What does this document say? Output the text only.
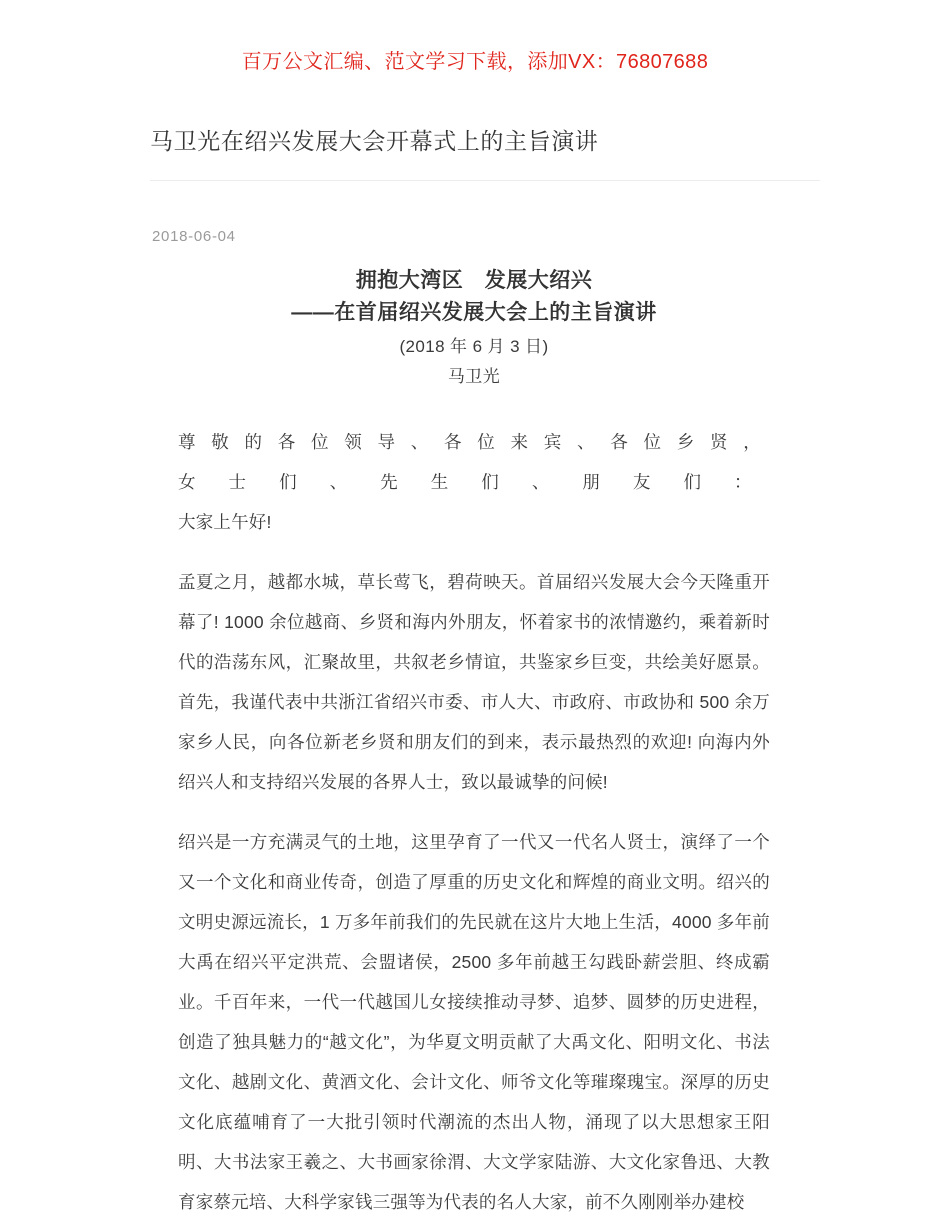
百万公文汇编、范文学习下载，添加VX：76807688
马卫光在绍兴发展大会开幕式上的主旨演讲
2018-06-04
拥抱大湾区　发展大绍兴
——在首届绍兴发展大会上的主旨演讲
(2018 年 6 月 3 日)
马卫光
尊敬的各位领导、各位来宾、各位乡贤，
女士们、先生们、朋友们：
大家上午好!

孟夏之月，越都水城，草长莺飞，碧荷映天。首届绍兴发展大会今天隆重开幕了! 1000 余位越商、乡贤和海内外朋友，怀着家书的浓情邀约，乘着新时代的浩荡东风，汇聚故里，共叙老乡情谊，共鉴家乡巨变，共绘美好愿景。首先，我谨代表中共浙江省绍兴市委、市人大、市政府、市政协和 500 余万家乡人民，向各位新老乡贤和朋友们的到来，表示最热烈的欢迎! 向海内外绍兴人和支持绍兴发展的各界人士，致以最诚挚的问候!

绍兴是一方充满灵气的土地，这里孕育了一代又一代名人贤士，演绎了一个又一个文化和商业传奇，创造了厚重的历史文化和辉煌的商业文明。绍兴的文明史源远流长，1 万多年前我们的先民就在这片大地上生活，4000 多年前大禹在绍兴平定洪荒、会盟诸侯，2500 多年前越王勾践卧薪尝胆、终成霸业。千百年来，一代一代越国儿女接续推动寻梦、追梦、圆梦的历史进程，创造了独具魅力的“越文化”，为华夏文明贡献了大禹文化、阳明文化、书法文化、越剧文化、黄酒文化、会计文化、师爷文化等璀璨瑰宝。深厚的历史文化底蕴哺育了一大批引领时代潮流的杰出人物，涌现了以大思想家王阳明、大书法家王羲之、大书画家徐渭、大文学家陆游、大文化家鲁迅、大教育家蔡元培、大科学家钱三强等为代表的名人大家，前不久刚刚举办建校
